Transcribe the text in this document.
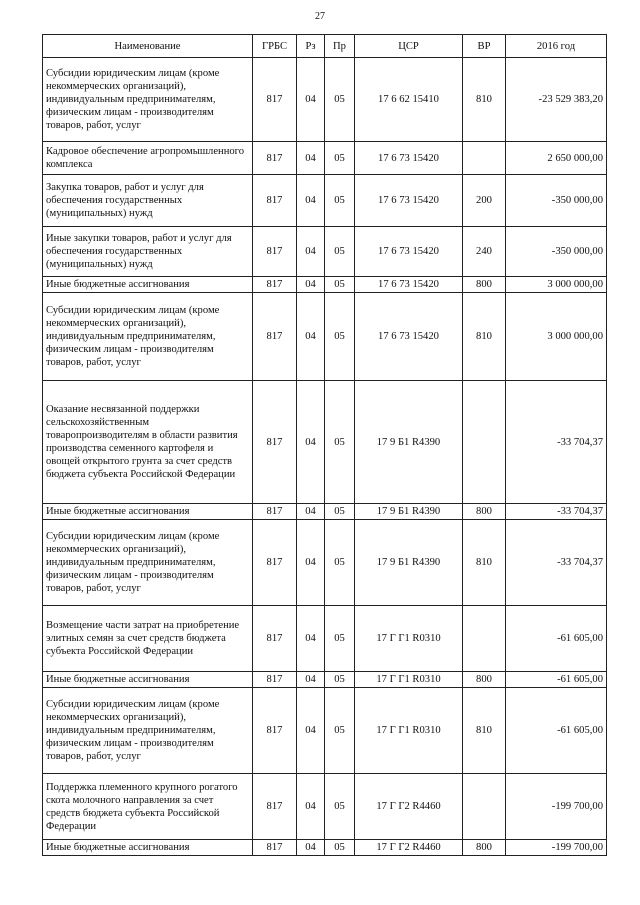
27
Наименование	ГРБС	Рз	Пр	ЦСР	ВР	2016 год
Субсидии юридическим лицам (кроме некоммерческих организаций), индивидуальным предпринимателям, физическим лицам - производителям товаров, работ, услуг	817	04	05	17 6 62 15410	810	-23 529 383,20
Кадровое обеспечение агропромышленного комплекса	817	04	05	17 6 73 15420		2 650 000,00
Закупка товаров, работ и услуг для обеспечения государственных (муниципальных) нужд	817	04	05	17 6 73 15420	200	-350 000,00
Иные закупки товаров, работ и услуг для обеспечения государственных (муниципальных) нужд	817	04	05	17 6 73 15420	240	-350 000,00
Иные бюджетные ассигнования	817	04	05	17 6 73 15420	800	3 000 000,00
Субсидии юридическим лицам (кроме некоммерческих организаций), индивидуальным предпринимателям, физическим лицам - производителям товаров, работ, услуг	817	04	05	17 6 73 15420	810	3 000 000,00
Оказание несвязанной поддержки сельскохозяйственным товаропроизводителям в области развития производства семенного картофеля и овощей открытого грунта за счет средств бюджета субъекта Российской Федерации	817	04	05	17 9 Б1 R4390		-33 704,37
Иные бюджетные ассигнования	817	04	05	17 9 Б1 R4390	800	-33 704,37
Субсидии юридическим лицам (кроме некоммерческих организаций), индивидуальным предпринимателям, физическим лицам - производителям товаров, работ, услуг	817	04	05	17 9 Б1 R4390	810	-33 704,37
Возмещение части затрат на приобретение элитных семян за счет средств бюджета субъекта Российской Федерации	817	04	05	17 Г Г1 R0310		-61 605,00
Иные бюджетные ассигнования	817	04	05	17 Г Г1 R0310	800	-61 605,00
Субсидии юридическим лицам (кроме некоммерческих организаций), индивидуальным предпринимателям, физическим лицам - производителям товаров, работ, услуг	817	04	05	17 Г Г1 R0310	810	-61 605,00
Поддержка племенного крупного рогатого скота молочного направления за счет средств бюджета субъекта Российской Федерации	817	04	05	17 Г Г2 R4460		-199 700,00
Иные бюджетные ассигнования	817	04	05	17 Г Г2 R4460	800	-199 700,00
